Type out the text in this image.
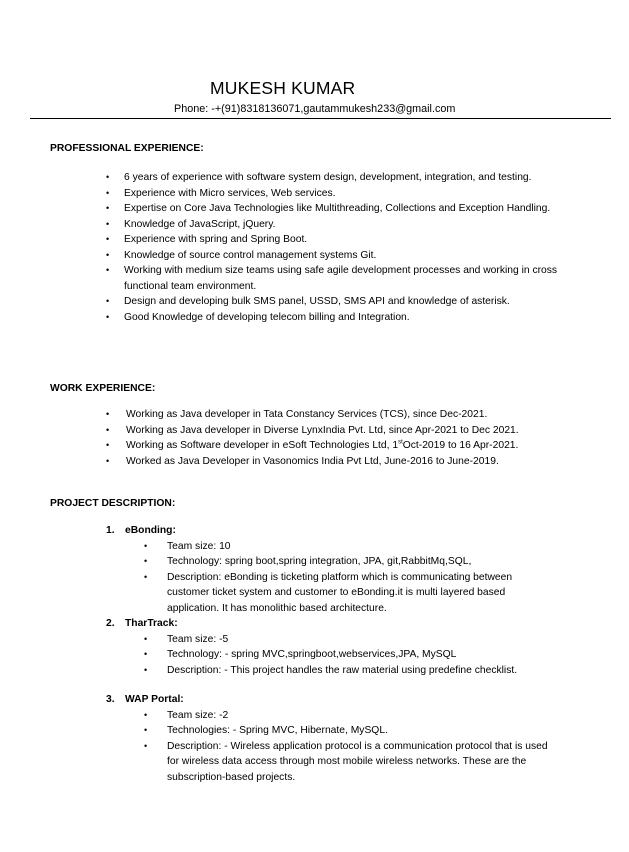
MUKESH KUMAR
Phone: -+(91)8318136071,gautammukesh233@gmail.com
PROFESSIONAL EXPERIENCE:
• 6 years of experience with software system design, development, integration, and testing.
• Experience with Micro services, Web services.
• Expertise on Core Java Technologies like Multithreading, Collections and Exception Handling.
• Knowledge of JavaScript, jQuery.
• Experience with spring and Spring Boot.
• Knowledge of source control management systems Git.
• Working with medium size teams using safe agile development processes and working in cross functional team environment.
• Design and developing bulk SMS panel, USSD, SMS API and knowledge of asterisk.
• Good Knowledge of developing telecom billing and Integration.
WORK EXPERIENCE:
• Working as Java developer in Tata Constancy Services (TCS), since Dec-2021.
• Working as Java developer in Diverse LynxIndia Pvt. Ltd, since Apr-2021 to Dec 2021.
• Working as Software developer in eSoft Technologies Ltd, 1stOct-2019 to 16 Apr-2021.
• Worked as Java Developer in Vasonomics India Pvt Ltd, June-2016 to June-2019.
PROJECT DESCRIPTION:
1. eBonding:
• Team size: 10
• Technology: spring boot,spring integration, JPA, git,RabbitMq,SQL,
• Description: eBonding is ticketing platform which is communicating between customer ticket system and customer to eBonding.it is multi layered based application. It has monolithic based architecture.
2. TharTrack:
• Team size: -5
• Technology: - spring MVC,springboot,webservices,JPA, MySQL
• Description: - This project handles the raw material using predefine checklist.
3. WAP Portal:
• Team size: -2
• Technologies: - Spring MVC, Hibernate, MySQL.
• Description: - Wireless application protocol is a communication protocol that is used for wireless data access through most mobile wireless networks. These are the subscription-based projects.
